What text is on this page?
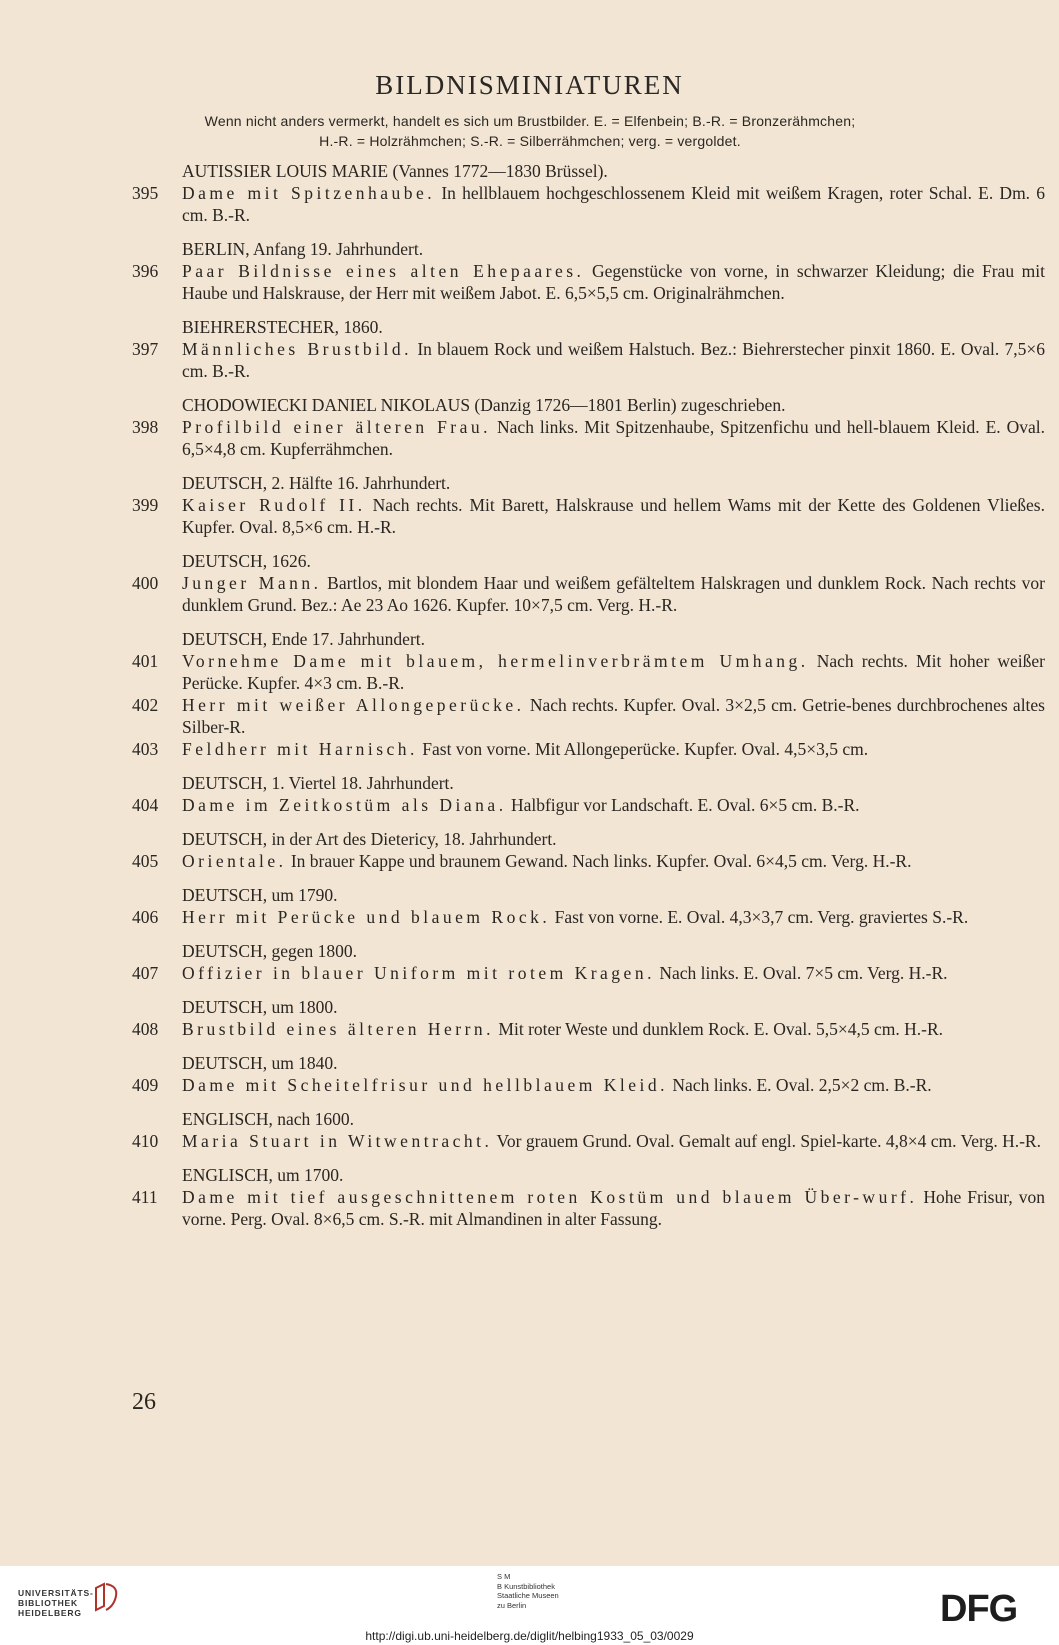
BILDNISMINIATUREN
Wenn nicht anders vermerkt, handelt es sich um Brustbilder. E. = Elfenbein; B.-R. = Bronzerähmchen;
H.-R. = Holzrähmchen; S.-R. = Silberrähmchen; verg. = vergoldet.
AUTISSIER LOUIS MARIE (Vannes 1772—1830 Brüssel).
395	Dame mit Spitzenhaube. In hellblauem hochgeschlossenem Kleid mit weißem Kragen, roter Schal. E. Dm. 6 cm. B.-R.
BERLIN, Anfang 19. Jahrhundert.
396	Paar Bildnisse eines alten Ehepaares. Gegenstücke von vorne, in schwarzer Kleidung; die Frau mit Haube und Halskrause, der Herr mit weißem Jabot. E. 6,5×5,5 cm. Originalrähmchen.
BIEHRERSTECHER, 1860.
397	Männliches Brustbild. In blauem Rock und weißem Halstuch. Bez.: Biehrerstecher pinxit 1860. E. Oval. 7,5×6 cm. B.-R.
CHODOWIECKI DANIEL NIKOLAUS (Danzig 1726—1801 Berlin) zugeschrieben.
398	Profilbild einer älteren Frau. Nach links. Mit Spitzenhaube, Spitzenfichu und hell-blauem Kleid. E. Oval. 6,5×4,8 cm. Kupferrähmchen.
DEUTSCH, 2. Hälfte 16. Jahrhundert.
399	Kaiser Rudolf II. Nach rechts. Mit Barett, Halskrause und hellem Wams mit der Kette des Goldenen Vließes. Kupfer. Oval. 8,5×6 cm. H.-R.
DEUTSCH, 1626.
400	Junger Mann. Bartlos, mit blondem Haar und weißem gefälteltem Halskragen und dunklem Rock. Nach rechts vor dunklem Grund. Bez.: Ae 23 Ao 1626. Kupfer. 10×7,5 cm. Verg. H.-R.
DEUTSCH, Ende 17. Jahrhundert.
401	Vornehme Dame mit blauem, hermelinverbrämtem Umhang. Nach rechts. Mit hoher weißer Perücke. Kupfer. 4×3 cm. B.-R.
402	Herr mit weißer Allongeperücke. Nach rechts. Kupfer. Oval. 3×2,5 cm. Getrie-benes durchbrochenes altes Silber-R.
403	Feldherr mit Harnisch. Fast von vorne. Mit Allongeperücke. Kupfer. Oval. 4,5×3,5 cm.
DEUTSCH, 1. Viertel 18. Jahrhundert.
404	Dame im Zeitkostüm als Diana. Halbfigur vor Landschaft. E. Oval. 6×5 cm. B.-R.
DEUTSCH, in der Art des Dietericy, 18. Jahrhundert.
405	Orientale. In brauer Kappe und braunem Gewand. Nach links. Kupfer. Oval. 6×4,5 cm. Verg. H.-R.
DEUTSCH, um 1790.
406	Herr mit Perücke und blauem Rock. Fast von vorne. E. Oval. 4,3×3,7 cm. Verg. graviertes S.-R.
DEUTSCH, gegen 1800.
407	Offizier in blauer Uniform mit rotem Kragen. Nach links. E. Oval. 7×5 cm. Verg. H.-R.
DEUTSCH, um 1800.
408	Brustbild eines älteren Herrn. Mit roter Weste und dunklem Rock. E. Oval. 5,5×4,5 cm. H.-R.
DEUTSCH, um 1840.
409	Dame mit Scheitelfrisur und hellblauem Kleid. Nach links. E. Oval. 2,5×2 cm. B.-R.
ENGLISCH, nach 1600.
410	Maria Stuart in Witwentracht. Vor grauem Grund. Oval. Gemalt auf engl. Spiel-karte. 4,8×4 cm. Verg. H.-R.
ENGLISCH, um 1700.
411	Dame mit tief ausgeschnittenem roten Kostüm und blauem Über-wurf. Hohe Frisur, von vorne. Perg. Oval. 8×6,5 cm. S.-R. mit Almandinen in alter Fassung.
26
UNIVERSITÄTS-
BIBLIOTHEK
HEIDELBERG
S M
B Kunstbibliothek
Staatliche Museen
zu Berlin	DFG
http://digi.ub.uni-heidelberg.de/diglit/helbing1933_05_03/0029
